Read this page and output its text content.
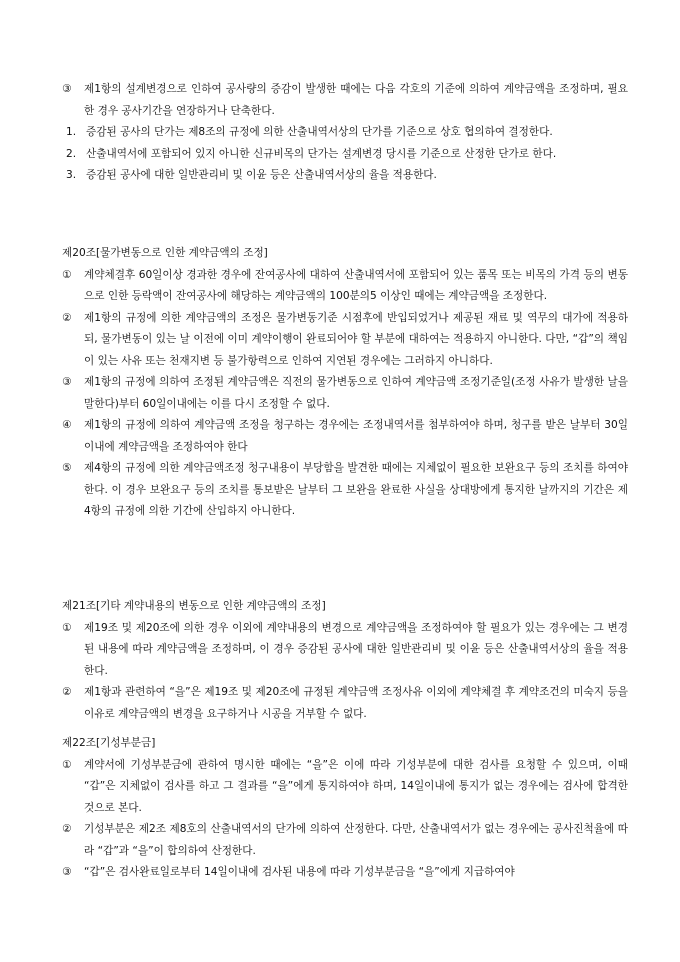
③	제1항의 설계변경으로 인하여 공사량의 증감이 발생한 때에는 다음 각호의 기준에 의하여 계약금액을 조정하며, 필요한 경우 공사기간을 연장하거나 단축한다.
1. 증감된 공사의 단가는 제8조의 규정에 의한 산출내역서상의 단가를 기준으로 상호 협의하여 결정한다.
2. 산출내역서에 포함되어 있지 아니한 신규비목의 단가는 설계변경 당시를 기준으로 산정한 단가로 한다.
3. 증감된 공사에 대한 일반관리비 및 이윤 등은 산출내역서상의 율을 적용한다.
제20조[물가변동으로 인한 계약금액의 조정]
①	계약체결후 60일이상 경과한 경우에 잔여공사에 대하여 산출내역서에 포함되어 있는 품목 또는 비목의 가격 등의 변동으로 인한 등락액이 잔여공사에 해당하는 계약금액의 100분의5 이상인 때에는 계약금액을 조정한다.
②	제1항의 규정에 의한 계약금액의 조정은 물가변동기준 시점후에 반입되었거나 제공된 재료 및 역무의 대가에 적용하되, 물가변동이 있는 날 이전에 이미 계약이행이 완료되어야 할 부분에 대하여는 적용하지 아니한다. 다만, “갑”의 책임이 있는 사유 또는 천재지변 등 불가항력으로 인하여 지연된 경우에는 그러하지 아니하다.
③	제1항의 규정에 의하여 조정된 계약금액은 직전의 물가변동으로 인하여 계약금액 조정기준일(조정 사유가 발생한 날을 말한다)부터 60일이내에는 이를 다시 조정할 수 없다.
④	제1항의 규정에 의하여 계약금액 조정을 청구하는 경우에는 조정내역서를 첨부하여야 하며, 청구를 받은 날부터 30일 이내에 계약금액을 조정하여야 한다
⑤	제4항의 규정에 의한 계약금액조정 청구내용이 부당함을 발견한 때에는 지체없이 필요한 보완요구 등의 조치를 하여야 한다. 이 경우 보완요구 등의 조치를 통보받은 날부터 그 보완을 완료한 사실을 상대방에게 통지한 날까지의 기간은 제4항의 규정에 의한 기간에 산입하지 아니한다.
제21조[기타 계약내용의 변동으로 인한 계약금액의 조정]
①	제19조 및 제20조에 의한 경우 이외에 계약내용의 변경으로 계약금액을 조정하여야 할 필요가 있는 경우에는 그 변경된 내용에 따라 계약금액을 조정하며, 이 경우 증감된 공사에 대한 일반관리비 및 이윤 등은 산출내역서상의 율을 적용한다.
②	제1항과 관련하여 “을”은 제19조 및 제20조에 규정된 계약금액 조정사유 이외에 계약체결 후 계약조건의 미숙지 등을 이유로 계약금액의 변경을 요구하거나 시공을 거부할 수 없다.
제22조[기성부분금]
①	계약서에 기성부분금에 관하여 명시한 때에는 “을”은 이에 따라 기성부분에 대한 검사를 요청할 수 있으며, 이때 “갑”은 지체없이 검사를 하고 그 결과를 “을”에게 통지하여야 하며, 14일이내에 통지가 없는 경우에는 검사에 합격한 것으로 본다.
②	기성부분은 제2조 제8호의 산출내역서의 단가에 의하여 산정한다. 다만, 산출내역서가 없는 경우에는 공사진척율에 따라 “갑”과 “을”이 합의하여 산정한다.
③	“갑”은 검사완료일로부터 14일이내에 검사된 내용에 따라 기성부분금을 “을”에게 지급하여야
